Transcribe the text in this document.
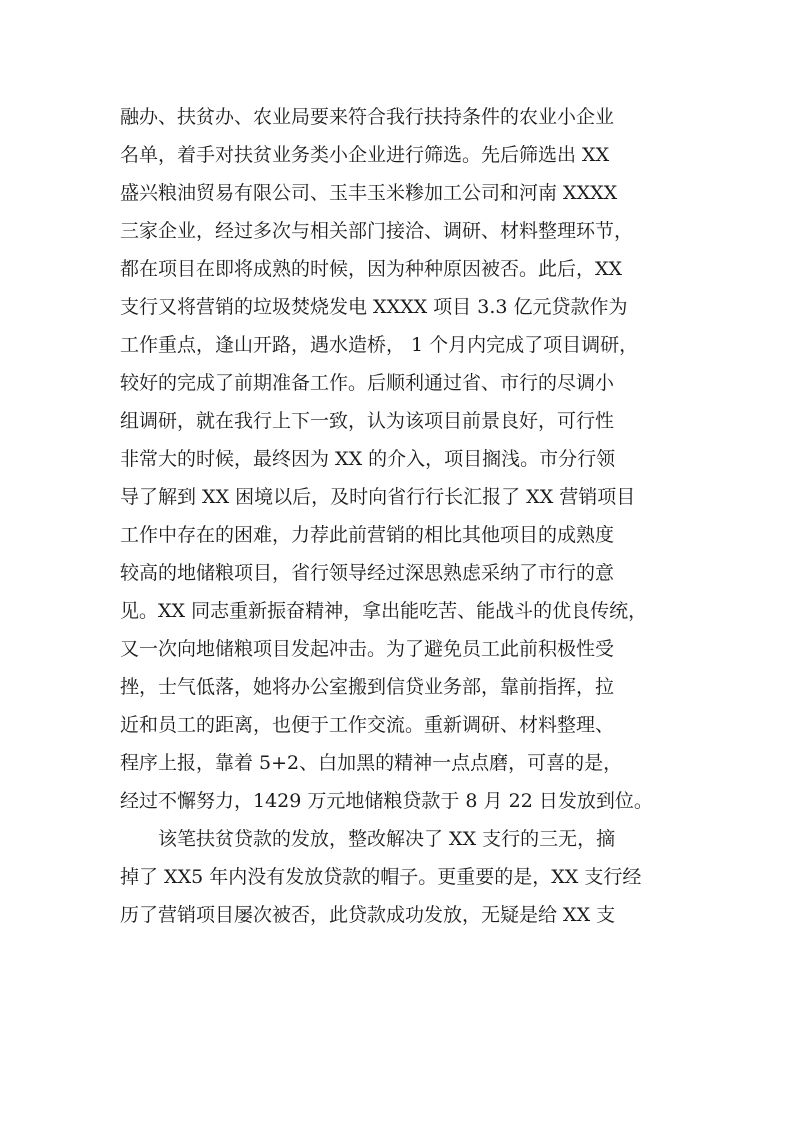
融办、扶贫办、农业局要来符合我行扶持条件的农业小企业
名单，着手对扶贫业务类小企业进行筛选。先后筛选出 XX
盛兴粮油贸易有限公司、玉丰玉米糁加工公司和河南 XXXX
三家企业，经过多次与相关部门接洽、调研、材料整理环节，
都在项目在即将成熟的时候，因为种种原因被否。此后，XX
支行又将营销的垃圾焚烧发电 XXXX 项目 3.3 亿元贷款作为
工作重点，逢山开路，遇水造桥， 1 个月内完成了项目调研，
较好的完成了前期准备工作。后顺利通过省、市行的尽调小
组调研，就在我行上下一致，认为该项目前景良好，可行性
非常大的时候，最终因为 XX 的介入，项目搁浅。市分行领
导了解到 XX 困境以后，及时向省行行长汇报了 XX 营销项目
工作中存在的困难，力荐此前营销的相比其他项目的成熟度
较高的地储粮项目，省行领导经过深思熟虑采纳了市行的意
见。XX 同志重新振奋精神，拿出能吃苦、能战斗的优良传统，
又一次向地储粮项目发起冲击。为了避免员工此前积极性受
挫，士气低落，她将办公室搬到信贷业务部，靠前指挥，拉
近和员工的距离，也便于工作交流。重新调研、材料整理、
程序上报，靠着 5+2、白加黑的精神一点点磨，可喜的是，
经过不懈努力，1429 万元地储粮贷款于 8 月 22 日发放到位。
该笔扶贫贷款的发放，整改解决了 XX 支行的三无，摘
掉了 XX5 年内没有发放贷款的帽子。更重要的是，XX 支行经
历了营销项目屡次被否，此贷款成功发放，无疑是给 XX 支
